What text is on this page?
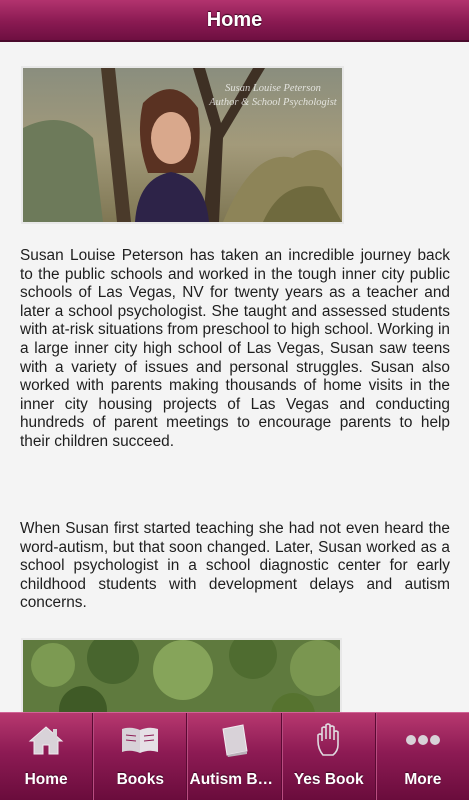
Home
Susan Louise Peterson
Author & School Psychologist

Susan Louise Peterson has taken an incredible journey back to the public schools and worked in the tough inner city public schools of Las Vegas, NV for twenty years as a teacher and later a school psychologist. She taught and assessed students with at-risk situations from preschool to high school. Working in a large inner city high school of Las Vegas, Susan saw teens with a variety of issues and personal struggles. Susan also worked with parents making thousands of home visits in the inner city housing projects of Las Vegas and conducting hundreds of parent meetings to encourage parents to help their children succeed.

When Susan first started teaching she had not even heard the word-autism, but that soon changed. Later, Susan worked as a school psychologist in a school diagnostic center for early childhood students with development delays and autism concerns.

Home	Books Autism Bo...	Yes Book	More
